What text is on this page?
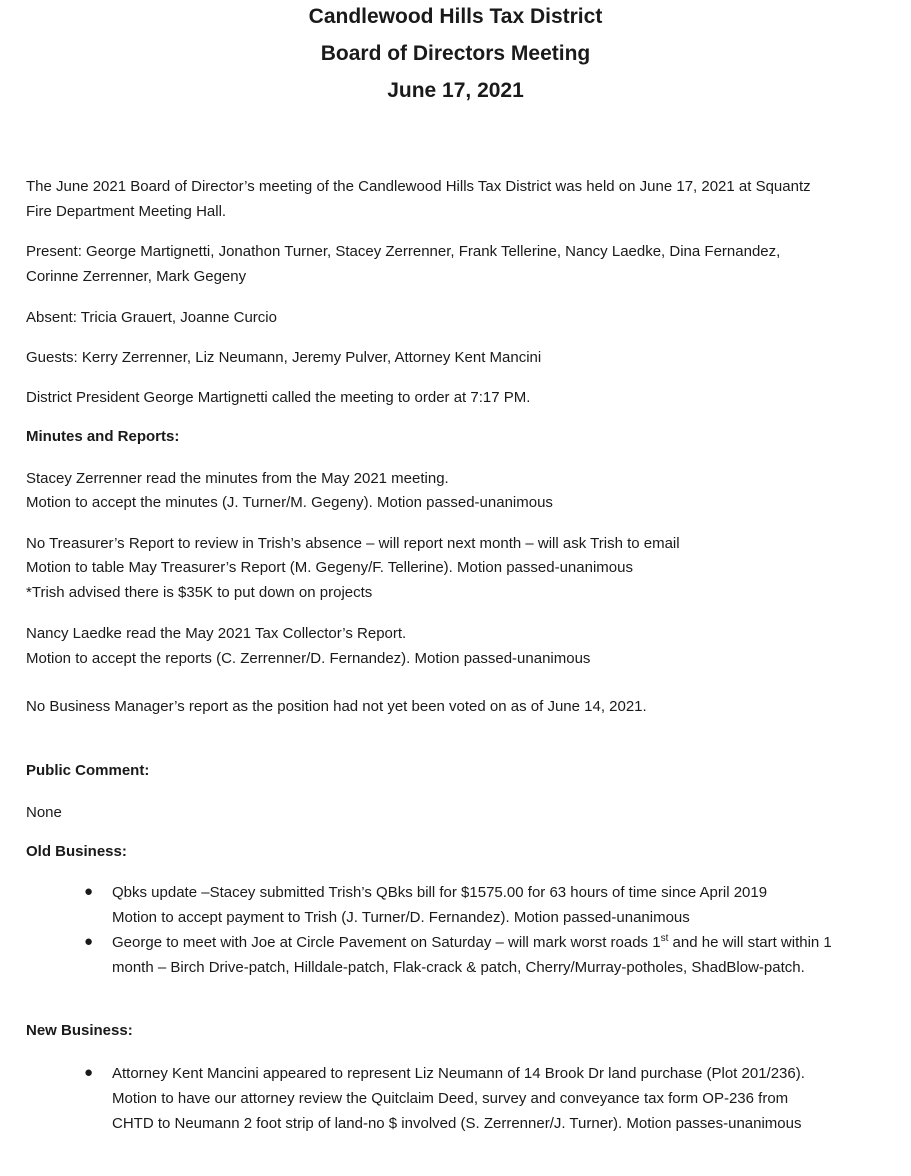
Candlewood Hills Tax District
Board of Directors Meeting
June 17, 2021
The June 2021 Board of Director’s meeting of the Candlewood Hills Tax District was held on June 17, 2021 at Squantz
Fire Department Meeting Hall.
Present: George Martignetti, Jonathon Turner, Stacey Zerrenner, Frank Tellerine, Nancy Laedke, Dina Fernandez,
Corinne Zerrenner, Mark Gegeny
Absent: Tricia Grauert, Joanne Curcio
Guests: Kerry Zerrenner, Liz Neumann, Jeremy Pulver, Attorney Kent Mancini
District President George Martignetti called the meeting to order at 7:17 PM.
Minutes and Reports:
Stacey Zerrenner read the minutes from the May 2021 meeting.
Motion to accept the minutes (J. Turner/M. Gegeny). Motion passed-unanimous
No Treasurer’s Report to review in Trish’s absence – will report next month – will ask Trish to email
Motion to table May Treasurer’s Report (M. Gegeny/F. Tellerine). Motion passed-unanimous
*Trish advised there is $35K to put down on projects
Nancy Laedke read the May 2021 Tax Collector’s Report.
Motion to accept the reports (C. Zerrenner/D. Fernandez). Motion passed-unanimous
No Business Manager’s report as the position had not yet been voted on as of June 14, 2021.
Public Comment:
None
Old Business:
● Qbks update –Stacey submitted Trish’s QBks bill for $1575.00 for 63 hours of time since April 2019
Motion to accept payment to Trish (J. Turner/D. Fernandez). Motion passed-unanimous
● George to meet with Joe at Circle Pavement on Saturday – will mark worst roads 1st and he will start within 1
month – Birch Drive-patch, Hilldale-patch, Flak-crack & patch, Cherry/Murray-potholes, ShadBlow-patch.
New Business:
● Attorney Kent Mancini appeared to represent Liz Neumann of 14 Brook Dr land purchase (Plot 201/236).
Motion to have our attorney review the Quitclaim Deed, survey and conveyance tax form OP-236 from
CHTD to Neumann 2 foot strip of land-no $ involved (S. Zerrenner/J. Turner). Motion passes-unanimous
